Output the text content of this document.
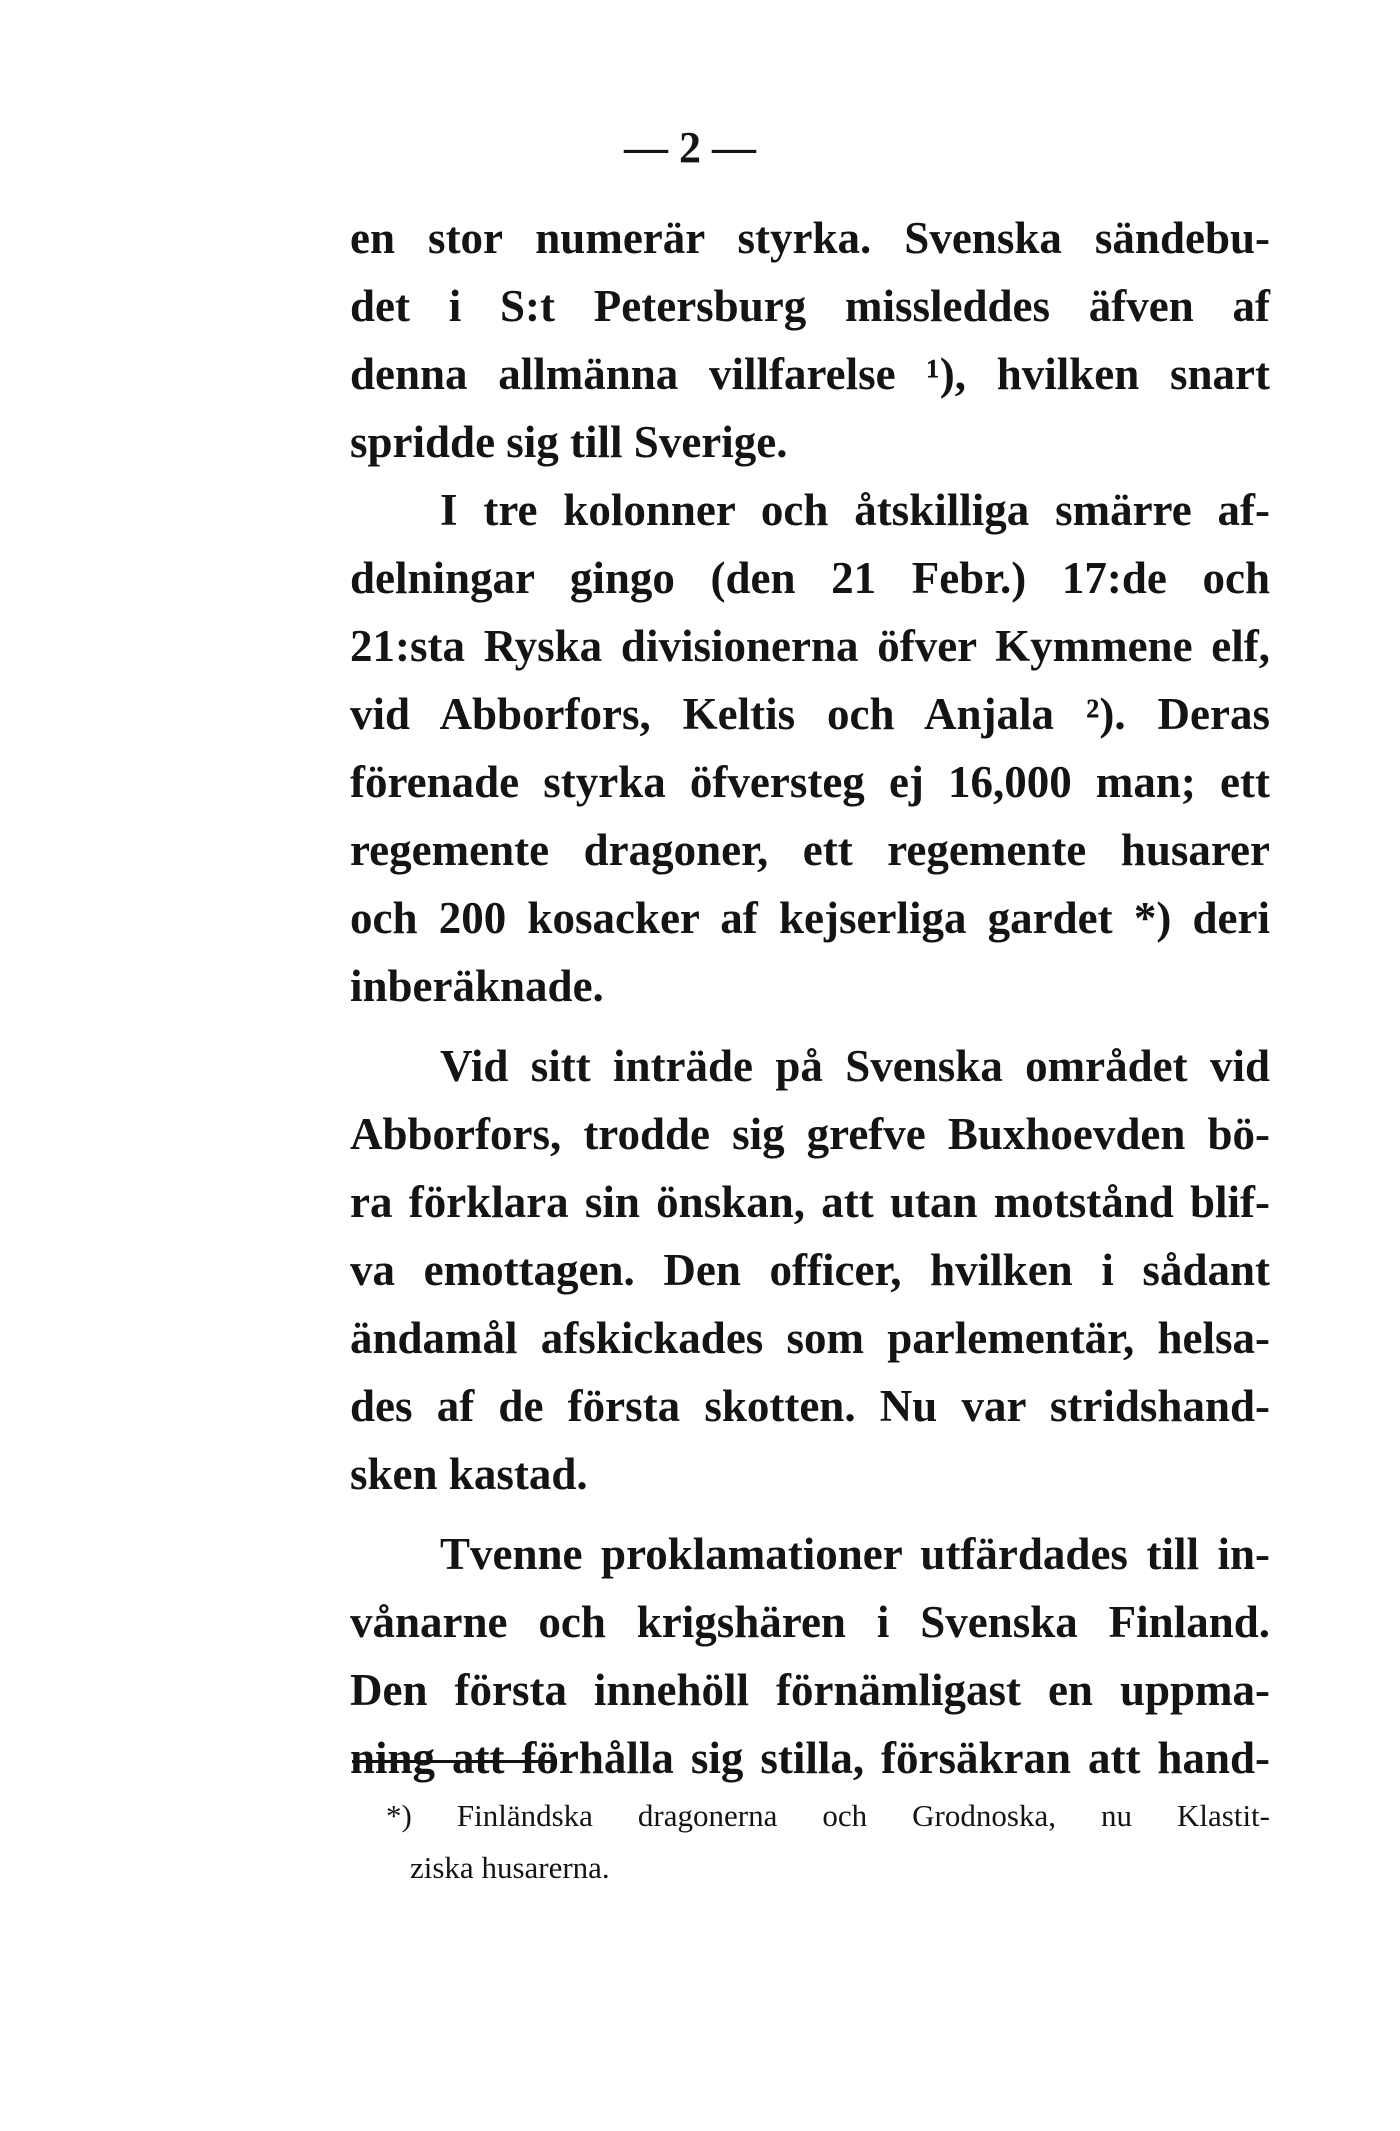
— 2 —
en stor numerär styrka. Svenska sändebu-
det i S:t Petersburg missleddes äfven af
denna allmänna villfarelse ¹), hvilken snart
spridde sig till Sverige.
I tre kolonner och åtskilliga smärre af-
delningar gingo (den 21 Febr.) 17:de och
21:sta Ryska divisionerna öfver Kymmene elf,
vid Abborfors, Keltis och Anjala ²). Deras
förenade styrka öfversteg ej 16,000 man; ett
regemente dragoner, ett regemente husarer
och 200 kosacker af kejserliga gardet *) deri
inberäknade.
Vid sitt inträde på Svenska området vid
Abborfors, trodde sig grefve Buxhoevden bö-
ra förklara sin önskan, att utan motstånd blif-
va emottagen. Den officer, hvilken i sådant
ändamål afskickades som parlementär, helsa-
des af de första skotten. Nu var stridshand-
sken kastad.
Tvenne proklamationer utfärdades till in-
vånarne och krigshären i Svenska Finland.
Den första innehöll förnämligast en uppma-
ning att förhålla sig stilla, försäkran att hand-
*) Finländska dragonerna och Grodnoska, nu Klastit-
ziska husarerna.
